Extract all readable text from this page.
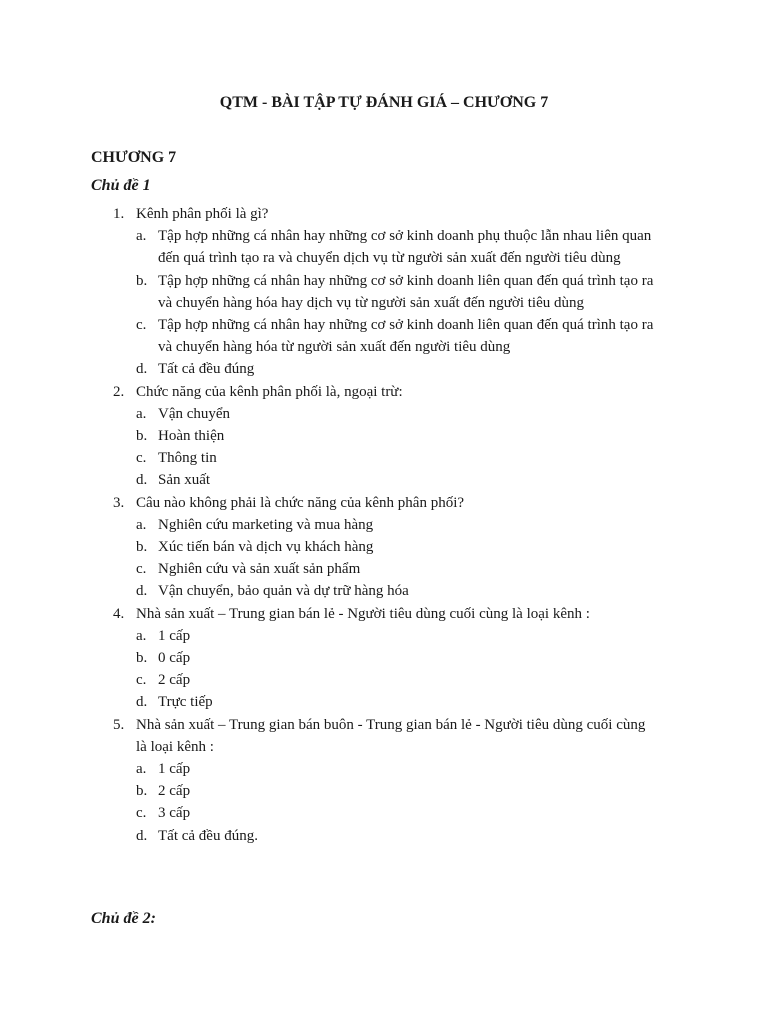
QTM - BÀI TẬP TỰ ĐÁNH GIÁ – CHƯƠNG 7
CHƯƠNG 7
Chủ đề 1
1. Kênh phân phối là gì?
a. Tập hợp những cá nhân hay những cơ sở kinh doanh phụ thuộc lẫn nhau liên quan đến quá trình tạo ra và chuyển dịch vụ từ người sản xuất đến người tiêu dùng
b. Tập hợp những cá nhân hay những cơ sở kinh doanh liên quan đến quá trình tạo ra và chuyển hàng hóa hay dịch vụ từ người sản xuất đến người tiêu dùng
c. Tập hợp những cá nhân hay những cơ sở kinh doanh liên quan đến quá trình tạo ra và chuyển hàng hóa từ người sản xuất đến người tiêu dùng
d. Tất cả đều đúng
2. Chức năng của kênh phân phối là, ngoại trừ:
a. Vận chuyển
b. Hoàn thiện
c. Thông tin
d. Sản xuất
3. Câu nào không phải là chức năng của kênh phân phối?
a. Nghiên cứu marketing và mua hàng
b. Xúc tiến bán và dịch vụ khách hàng
c. Nghiên cứu và sản xuất sản phẩm
d. Vận chuyển, bảo quản và dự trữ hàng hóa
4. Nhà sản xuất – Trung gian bán lẻ - Người tiêu dùng cuối cùng là loại kênh :
a. 1 cấp
b. 0 cấp
c. 2 cấp
d. Trực tiếp
5. Nhà sản xuất – Trung gian bán buôn - Trung gian bán lẻ - Người tiêu dùng cuối cùng là loại kênh :
a. 1 cấp
b. 2 cấp
c. 3 cấp
d. Tất cả đều đúng.
Chủ đề 2:
